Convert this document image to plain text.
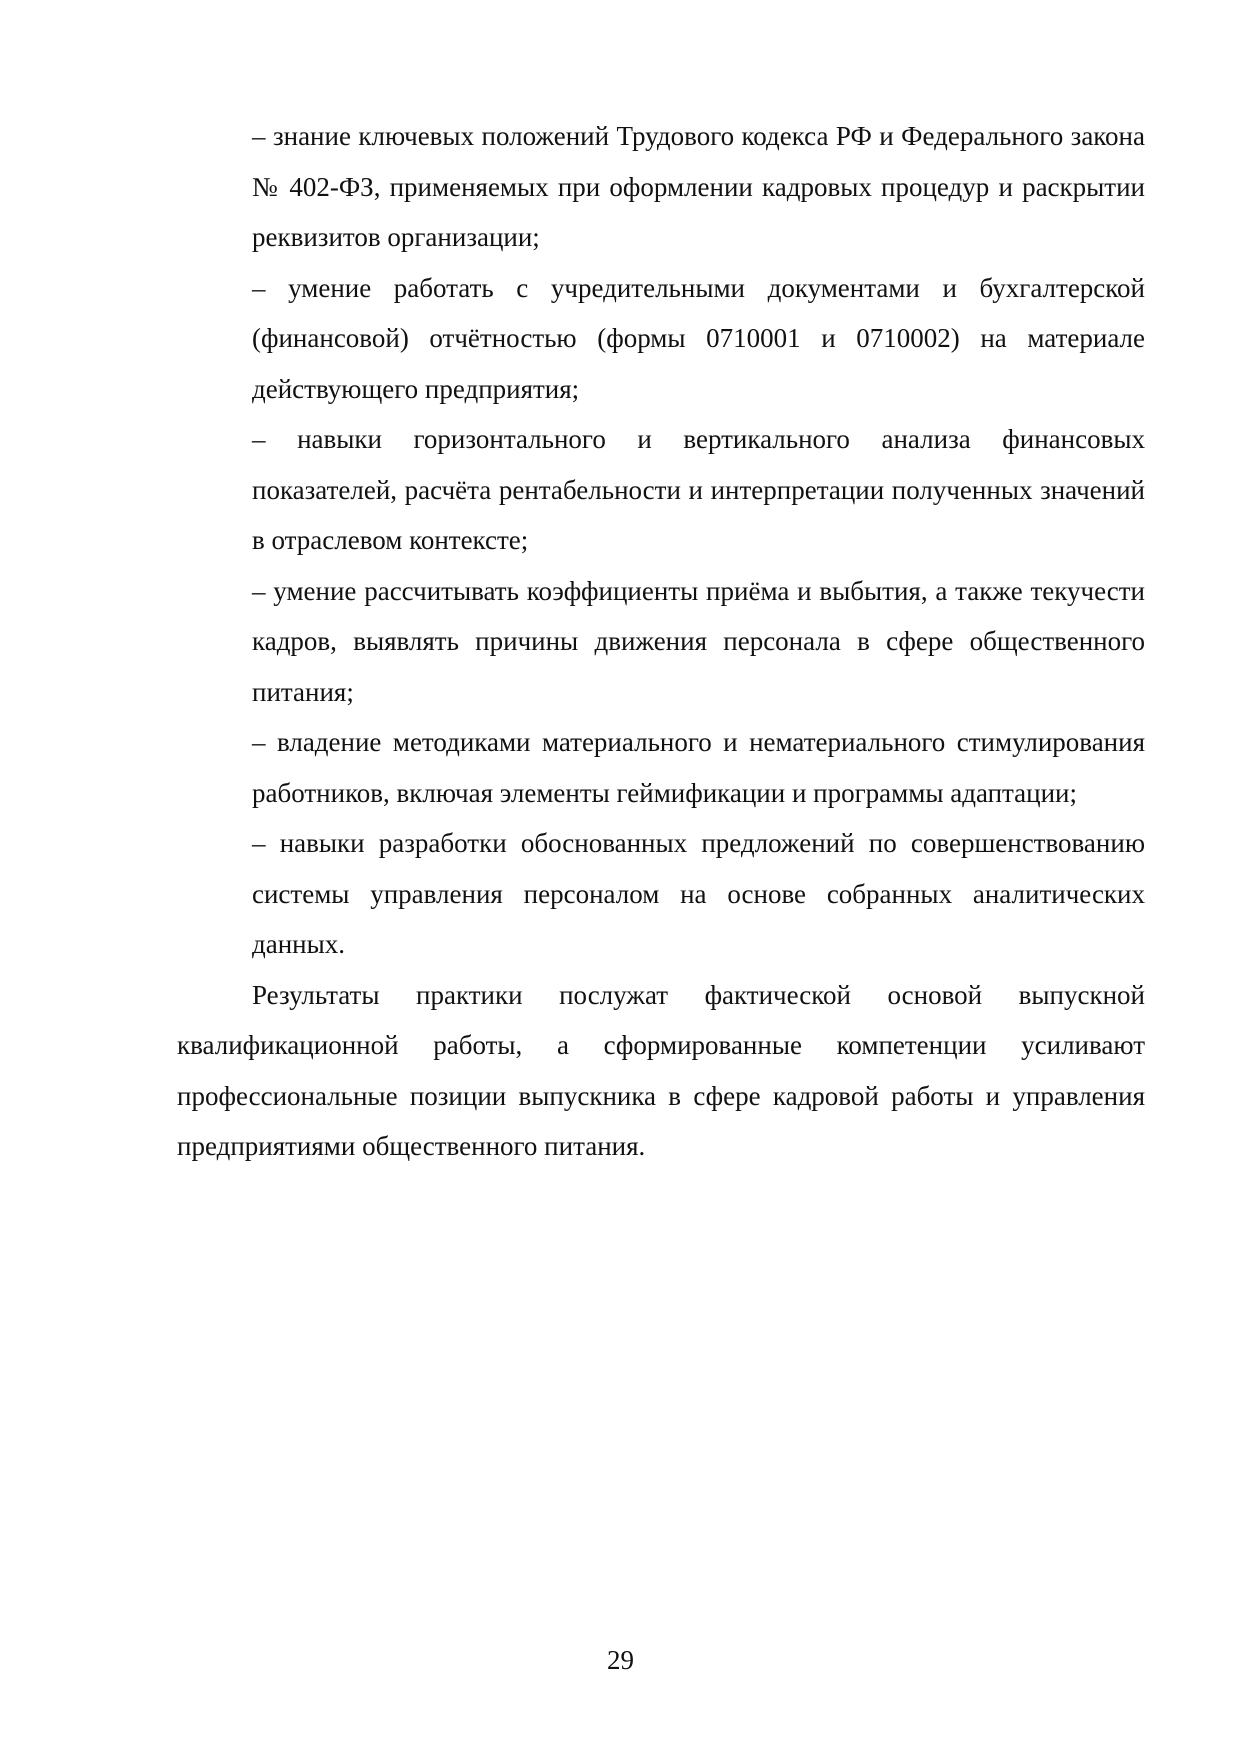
– знание ключевых положений Трудового кодекса РФ и Федерального закона № 402-ФЗ, применяемых при оформлении кадровых процедур и раскрытии реквизитов организации;

– умение работать с учредительными документами и бухгалтерской (финансовой) отчётностью (формы 0710001 и 0710002) на материале действующего предприятия;

– навыки горизонтального и вертикального анализа финансовых показателей, расчёта рентабельности и интерпретации полученных значений в отраслевом контексте;

– умение рассчитывать коэффициенты приёма и выбытия, а также текучести кадров, выявлять причины движения персонала в сфере общественного питания;

– владение методиками материального и нематериального стимулирования работников, включая элементы геймификации и программы адаптации;

– навыки разработки обоснованных предложений по совершенствованию системы управления персоналом на основе собранных аналитических данных.

Результаты практики послужат фактической основой выпускной квалификационной работы, а сформированные компетенции усиливают профессиональные позиции выпускника в сфере кадровой работы и управления предприятиями общественного питания.

29
